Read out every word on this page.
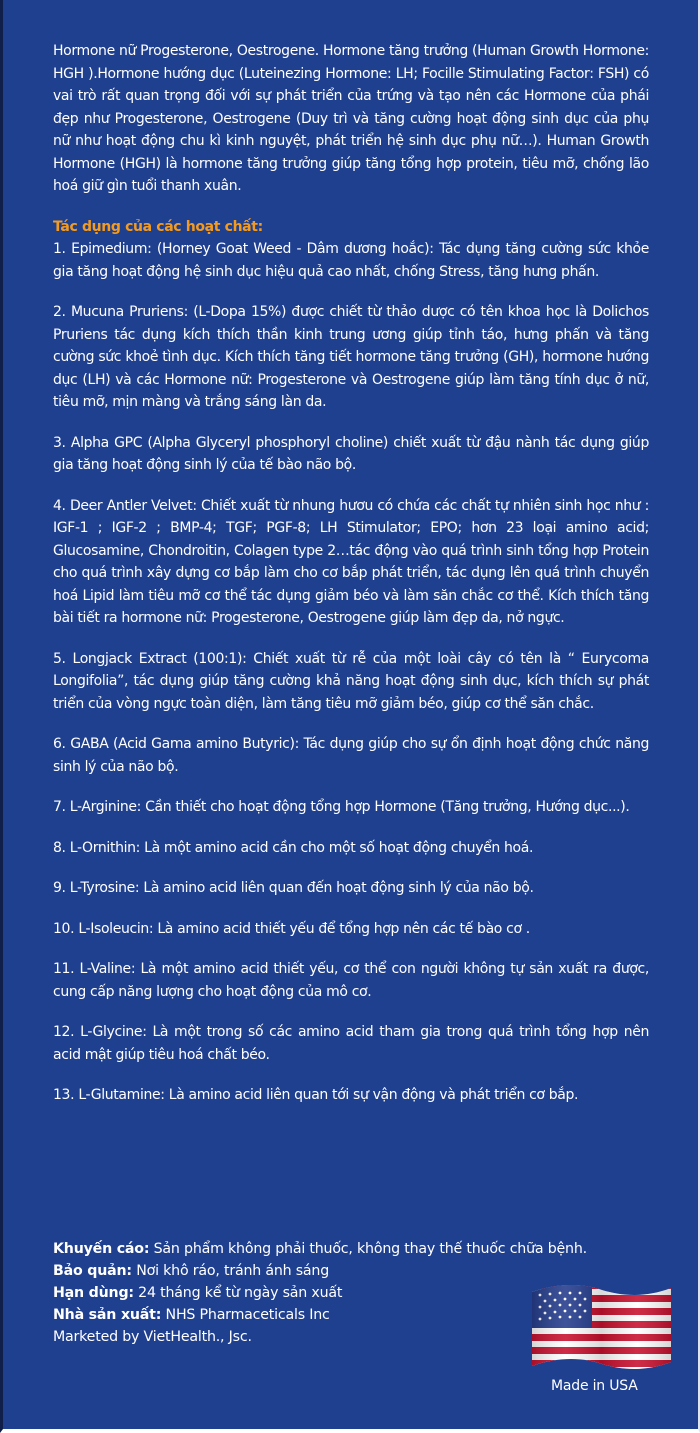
Hormone nữ Progesterone, Oestrogene. Hormone tăng trưởng (Human Growth Hormone: HGH ).Hormone hướng dục (Luteinezing Hormone: LH; Focille Stimulating Factor: FSH) có vai trò rất quan trọng đối với sự phát triển của trứng và tạo nên các Hormone của phái đẹp như Progesterone, Oestrogene (Duy trì và tăng cường hoạt động sinh dục của phụ nữ như hoạt động chu kì kinh nguyệt, phát triển hệ sinh dục phụ nữ…). Human Growth Hormone (HGH) là hormone tăng trưởng giúp tăng tổng hợp protein, tiêu mỡ, chống lão hoá giữ gìn tuổi thanh xuân.

Tác dụng của các hoạt chất:

1. Epimedium: (Horney Goat Weed - Dâm dương hoắc): Tác dụng tăng cường sức khỏe gia tăng hoạt động hệ sinh dục hiệu quả cao nhất, chống Stress, tăng hưng phấn.

2. Mucuna Pruriens: (L-Dopa 15%) được chiết từ thảo dược có tên khoa học là Dolichos Pruriens tác dụng kích thích thần kinh trung ương giúp tỉnh táo, hưng phấn và tăng cường sức khoẻ tình dục. Kích thích tăng tiết hormone tăng trưởng (GH), hormone hướng dục (LH) và các Hormone nữ: Progesterone và Oestrogene giúp làm tăng tính dục ở nữ, tiêu mỡ, mịn màng và trắng sáng làn da.

3. Alpha GPC (Alpha Glyceryl phosphoryl choline) chiết xuất từ đậu nành tác dụng giúp gia tăng hoạt động sinh lý của tế bào não bộ.

4. Deer Antler Velvet: Chiết xuất từ nhung hươu có chứa các chất tự nhiên sinh học như : IGF-1 ; IGF-2 ; BMP-4; TGF; PGF-8; LH Stimulator; EPO; hơn 23 loại amino acid; Glucosamine, Chondroitin, Colagen type 2…tác động vào quá trình sinh tổng hợp Protein cho quá trình xây dựng cơ bắp làm cho cơ bắp phát triển, tác dụng lên quá trình chuyển hoá Lipid làm tiêu mỡ cơ thể tác dụng giảm béo và làm săn chắc cơ thể. Kích thích tăng bài tiết ra hormone nữ: Progesterone, Oestrogene giúp làm đẹp da, nở ngực.

5. Longjack Extract (100:1): Chiết xuất từ rễ của một loài cây có tên là “ Eurycoma Longifolia”, tác dụng giúp tăng cường khả năng hoạt động sinh dục, kích thích sự phát triển của vòng ngực toàn diện, làm tăng tiêu mỡ giảm béo, giúp cơ thể săn chắc.

6. GABA (Acid Gama amino Butyric): Tác dụng giúp cho sự ổn định hoạt động chức năng sinh lý của não bộ.

7. L-Arginine: Cần thiết cho hoạt động tổng hợp Hormone (Tăng trưởng, Hướng dục...).

8. L-Ornithin: Là một amino acid cần cho một số hoạt động chuyển hoá.

9. L-Tyrosine: Là amino acid liên quan đến hoạt động sinh lý của não bộ.

10. L-Isoleucin: Là amino acid thiết yếu để tổng hợp nên các tế bào cơ .

11. L-Valine: Là một amino acid thiết yếu, cơ thể con người không tự sản xuất ra được, cung cấp năng lượng cho hoạt động của mô cơ.

12. L-Glycine: Là một trong số các amino acid tham gia trong quá trình tổng hợp nên acid mật giúp tiêu hoá chất béo.

13. L-Glutamine: Là amino acid liên quan tới sự vận động và phát triển cơ bắp.

Khuyến cáo: Sản phẩm không phải thuốc, không thay thế thuốc chữa bệnh.

Bảo quản: Nơi khô ráo, tránh ánh sáng

Hạn dùng: 24 tháng kể từ ngày sản xuất

Nhà sản xuất: NHS Pharmaceticals Inc

Marketed by VietHealth., Jsc.

Made in USA
